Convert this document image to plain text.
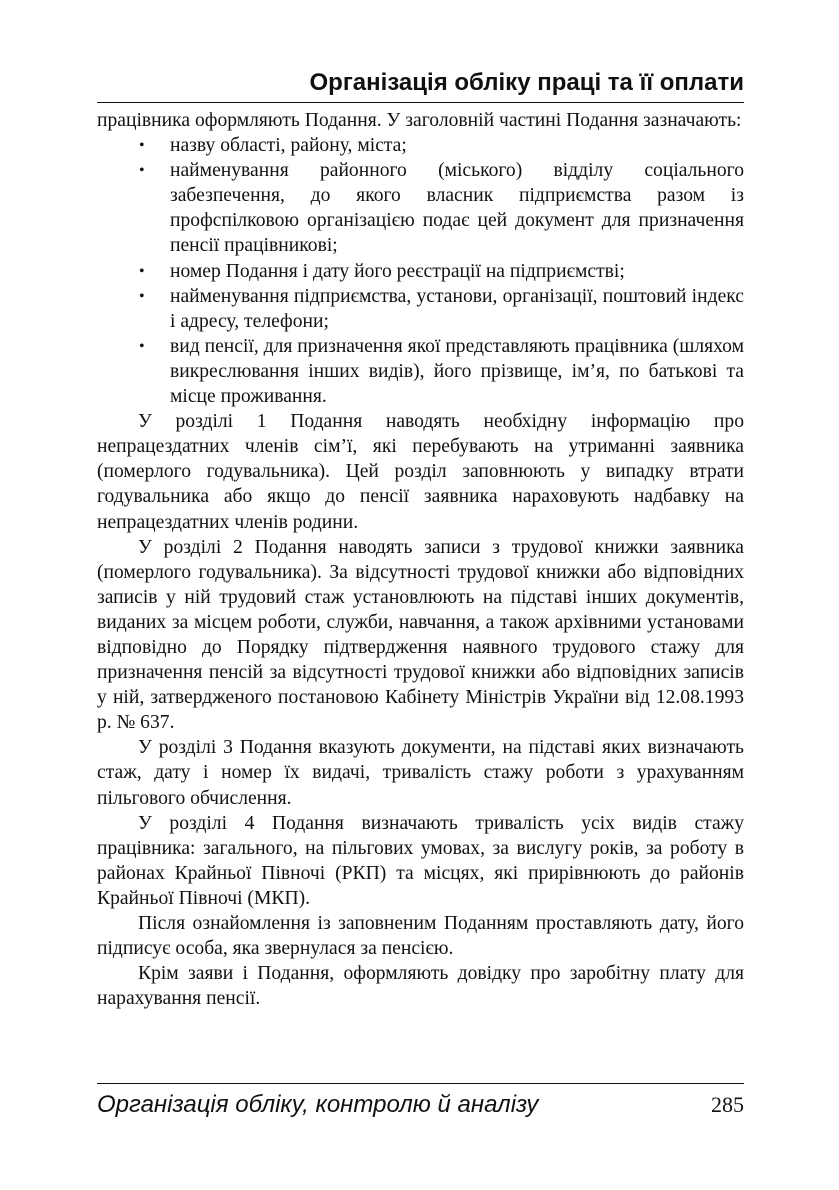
Організація обліку праці та її оплати

працівника оформляють Подання. У заголовній частині Подання зазначають:

• назву області, району, міста;
• найменування районного (міського) відділу соціального забезпечення, до якого власник підприємства разом із профспілковою організацією подає цей документ для призначення пенсії працівникові;
• номер Подання і дату його реєстрації на підприємстві;
• найменування підприємства, установи, організації, поштовий індекс і адресу, телефони;
• вид пенсії, для призначення якої представляють працівника (шляхом викреслювання інших видів), його прізвище, ім’я, по батькові та місце проживання.

У розділі 1 Подання наводять необхідну інформацію про непрацездатних членів сім’ї, які перебувають на утриманні заявника (померлого годувальника). Цей розділ заповнюють у випадку втрати годувальника або якщо до пенсії заявника нараховують надбавку на непрацездатних членів родини.

У розділі 2 Подання наводять записи з трудової книжки заявника (померлого годувальника). За відсутності трудової книжки або відповідних записів у ній трудовий стаж установлюють на підставі інших документів, виданих за місцем роботи, служби, навчання, а також архівними установами відповідно до Порядку підтвердження наявного трудового стажу для призначення пенсій за відсутності трудової книжки або відповідних записів у ній, затвердженого постановою Кабінету Міністрів України від 12.08.1993 р. № 637.

У розділі 3 Подання вказують документи, на підставі яких визначають стаж, дату і номер їх видачі, тривалість стажу роботи з урахуванням пільгового обчислення.

У розділі 4 Подання визначають тривалість усіх видів стажу працівника: загального, на пільгових умовах, за вислугу років, за роботу в районах Крайньої Півночі (РКП) та місцях, які прирівнюють до районів Крайньої Півночі (МКП).

Після ознайомлення із заповненим Поданням проставляють дату, його підписує особа, яка звернулася за пенсією.

Крім заяви і Подання, оформляють довідку про заробітну плату для нарахування пенсії.

Організація обліку, контролю й аналізу	285
